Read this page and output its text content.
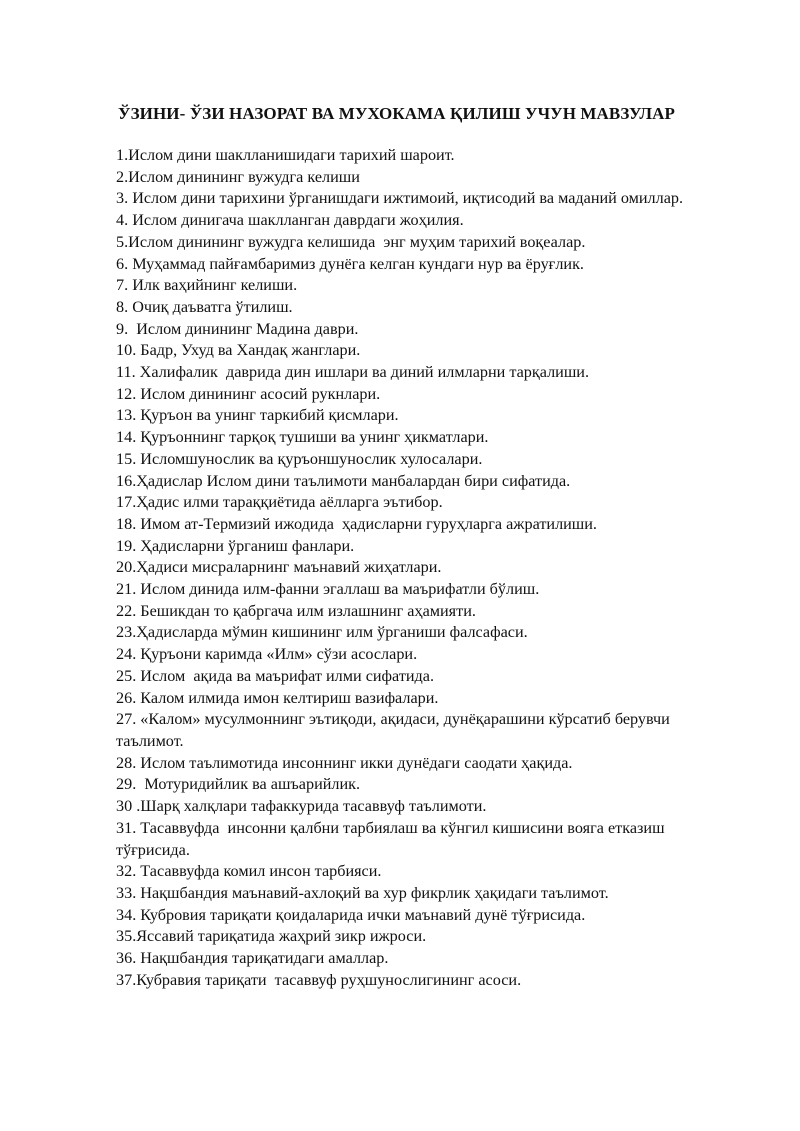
ЎЗИНИ- ЎЗИ НАЗОРАТ ВА МУХОКАМА ҚИЛИШ УЧУН МАВЗУЛАР
1.Ислом дини шаклланишидаги тарихий шароит.
2.Ислом динининг вужудга келиши
3. Ислом дини тарихини ўрганишдаги ижтимоий, иқтисодий ва маданий омиллар.
4. Ислом динигача шаклланган даврдаги жоҳилия.
5.Ислом динининг вужудга келишида  энг муҳим тарихий воқеалар.
6. Муҳаммад пайғамбаримиз дунёга келган кундаги нур ва ёруғлик.
7. Илк ваҳийнинг келиши.
8. Очиқ даъватга ўтилиш.
9.  Ислом динининг Мадина даври.
10. Бадр, Ухуд ва Хандақ жанглари.
11. Халифалик  даврида дин ишлари ва диний илмларни тарқалиши.
12. Ислом динининг асосий рукнлари.
13. Қуръон ва унинг таркибий қисмлари.
14. Қуръоннинг тарқоқ тушиши ва унинг ҳикматлари.
15. Исломшунослик ва қуръоншунослик хулосалари.
16.Ҳадислар Ислом дини таълимоти манбалардан бири сифатида.
17.Ҳадис илми тараққиётида аёлларга эътибор.
18. Имом ат-Термизий ижодида  ҳадисларни гуруҳларга ажратилиши.
19. Ҳадисларни ўрганиш фанлари.
20.Ҳадиси мисраларнинг маънавий жиҳатлари.
21. Ислом динида илм-фанни эгаллаш ва маърифатли бўлиш.
22. Бешикдан то қабргача илм излашнинг аҳамияти.
23.Ҳадисларда мўмин кишининг илм ўрганиши фалсафаси.
24. Қуръони каримда «Илм» сўзи асослари.
25. Ислом  ақида ва маърифат илми сифатида.
26. Калом илмида имон келтириш вазифалари.
27. «Калом» мусулмоннинг эътиқоди, ақидаси, дунёқарашини кўрсатиб берувчи таълимот.
28. Ислом таълимотида инсоннинг икки дунёдаги саодати ҳақида.
29.  Мотуридийлик ва ашъарийлик.
30 .Шарқ халқлари тафаккурида тасаввуф таълимоти.
31. Тасаввуфда  инсонни қалбни тарбиялаш ва кўнгил кишисини вояга етказиш тўғрисида.
32. Тасаввуфда комил инсон тарбияси.
33. Нақшбандия маънавий-ахлоқий ва хур фикрлик ҳақидаги таълимот.
34. Кубровия тариқати қоидаларида ички маънавий дунё тўғрисида.
35.Яссавий тариқатида жаҳрий зикр ижроси.
36. Нақшбандия тариқатидаги амаллар.
37.Кубравия тариқати  тасаввуф руҳшунослигининг асоси.
